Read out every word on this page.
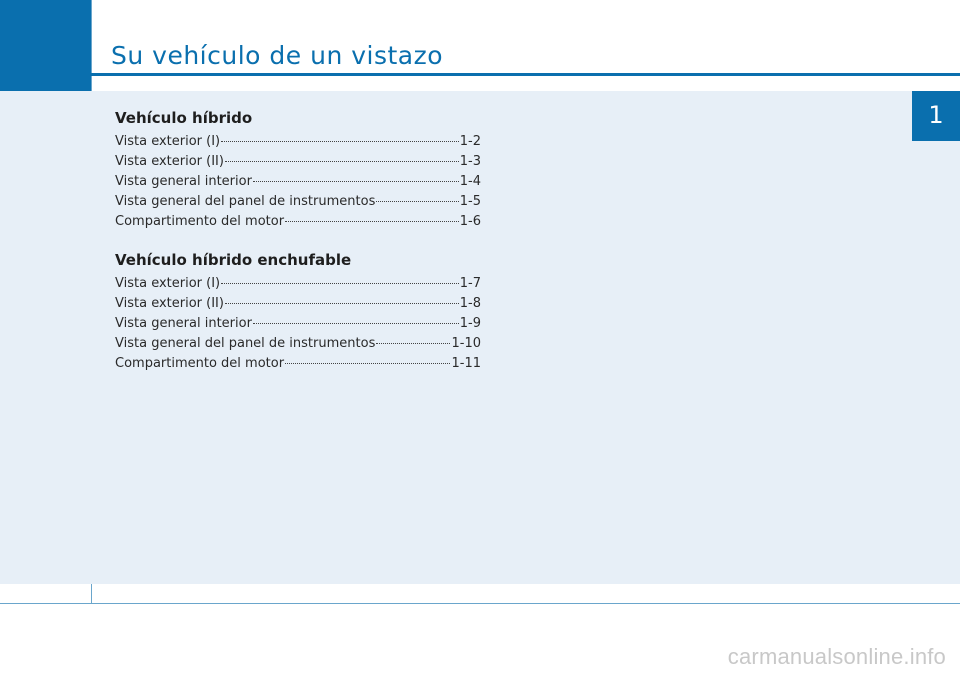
Su vehículo de un vistazo
1
Vehículo híbrido
Vista exterior (I)	1-2
Vista exterior (II)	1-3
Vista general interior	1-4
Vista general del panel de instrumentos	1-5
Compartimento del motor	1-6
Vehículo híbrido enchufable
Vista exterior (I)	1-7
Vista exterior (II)	1-8
Vista general interior	1-9
Vista general del panel de instrumentos	1-10
Compartimento del motor	1-11
carmanualsonline.info
